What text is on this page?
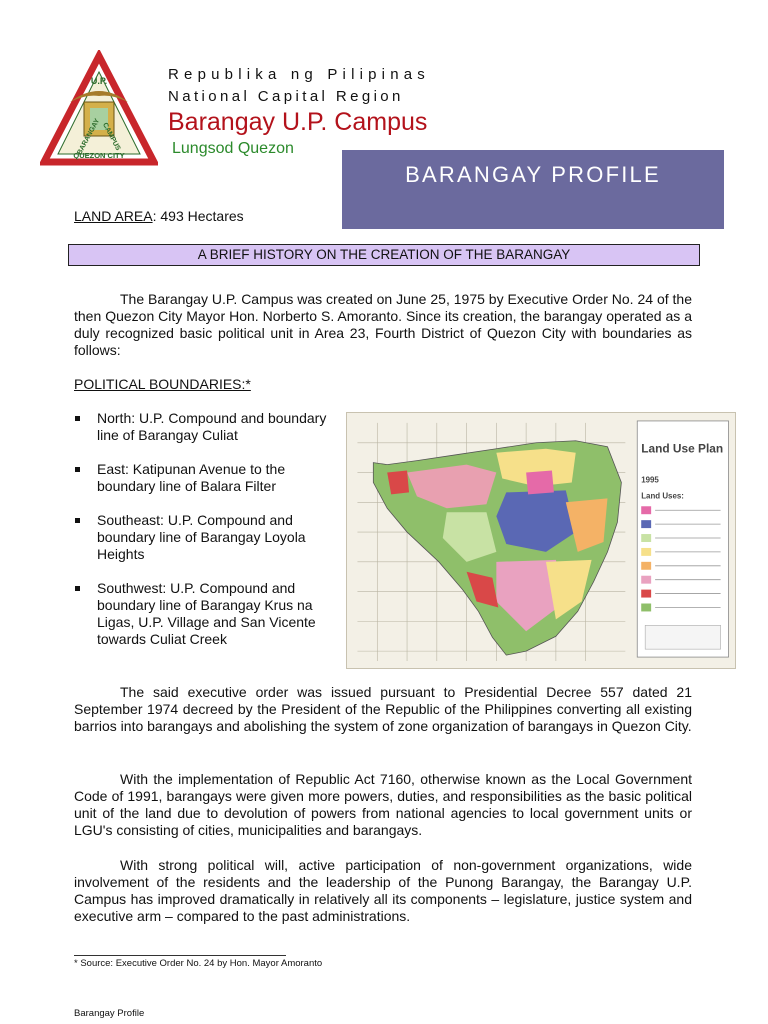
U.P.
BARANGAY CAMPUS
QUEZON CITY
Republika ng Pilipinas
National Capital Region
Barangay U.P. Campus
Lungsod Quezon
BARANGAY PROFILE
LAND AREA: 493 Hectares
A BRIEF HISTORY ON THE CREATION OF THE BARANGAY
The Barangay U.P. Campus was created on June 25, 1975 by Executive Order No. 24 of the then Quezon City Mayor Hon. Norberto S. Amoranto. Since its creation, the barangay operated as a duly recognized basic political unit in Area 23, Fourth District of Quezon City with boundaries as follows:
POLITICAL BOUNDARIES:*
North: U.P. Compound and boundary line of Barangay Culiat
East: Katipunan Avenue to the boundary line of Balara Filter
Southeast: U.P. Compound and boundary line of Barangay Loyola Heights
Southwest: U.P. Compound and boundary line of Barangay Krus na Ligas, U.P. Village and San Vicente towards Culiat Creek
Land Use Plan
1995
Land Uses:
The said executive order was issued pursuant to Presidential Decree 557 dated 21 September 1974 decreed by the President of the Republic of the Philippines converting all existing barrios into barangays and abolishing the system of zone organization of barangays in Quezon City.
With the implementation of Republic Act 7160, otherwise known as the Local Government Code of 1991, barangays were given more powers, duties, and responsibilities as the basic political unit of the land due to devolution of powers from national agencies to local government units or LGU's consisting of cities, municipalities and barangays.
With strong political will, active participation of non-government organizations, wide involvement of the residents and the leadership of the Punong Barangay, the Barangay U.P. Campus has improved dramatically in relatively all its components – legislature, justice system and executive arm – compared to the past administrations.
* Source: Executive Order No. 24 by Hon. Mayor Amoranto
Barangay Profile
